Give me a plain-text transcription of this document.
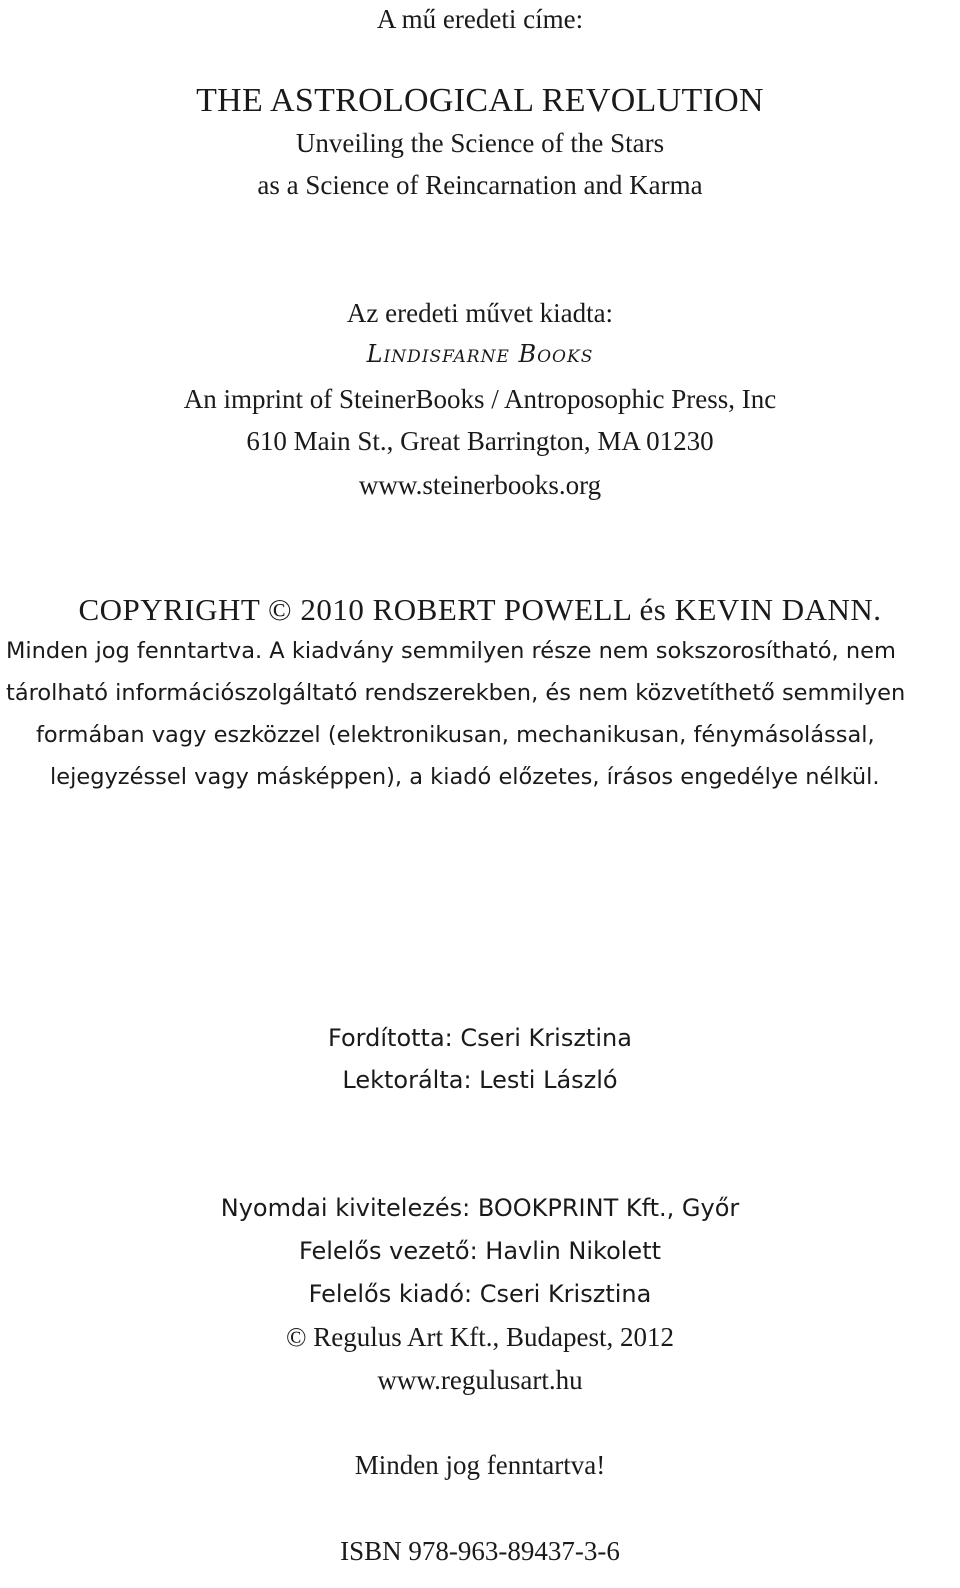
A mű eredeti címe:
THE ASTROLOGICAL REVOLUTION
Unveiling the Science of the Stars
as a Science of Reincarnation and Karma
Az eredeti művet kiadta:
Lindisfarne Books
An imprint of SteinerBooks / Antroposophic Press, Inc
610 Main St., Great Barrington, MA 01230
www.steinerbooks.org
COPYRIGHT © 2010 ROBERT POWELL és KEVIN DANN.
Minden jog fenntartva. A kiadvány semmilyen része nem sokszorosítható, nem
tárolható információszolgáltató rendszerekben, és nem közvetíthető semmilyen
formában vagy eszközzel (elektronikusan, mechanikusan, fénymásolással,
lejegyzéssel vagy másképpen), a kiadó előzetes, írásos engedélye nélkül.
Fordította: Cseri Krisztina
Lektorálta: Lesti László
Nyomdai kivitelezés: BOOKPRINT Kft., Győr
Felelős vezető: Havlin Nikolett
Felelős kiadó: Cseri Krisztina
© Regulus Art Kft., Budapest, 2012
www.regulusart.hu
Minden jog fenntartva!
ISBN 978-963-89437-3-6
